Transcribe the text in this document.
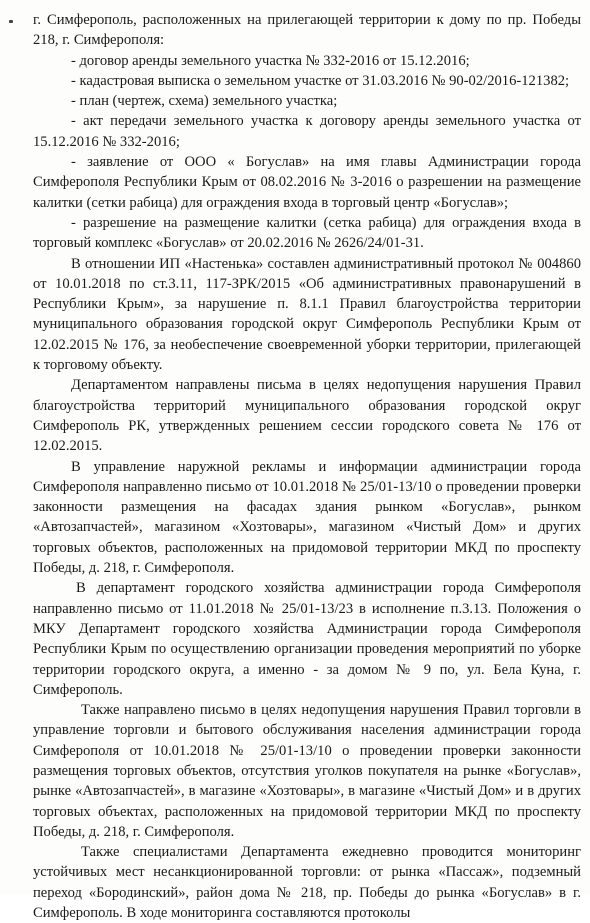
г. Симферополь, расположенных на прилегающей территории к дому по пр. Победы 218, г. Симферополя:

- договор аренды земельного участка № 332-2016 от 15.12.2016;

- кадастровая выписка о земельном участке от 31.03.2016 № 90-02/2016-121382;

- план (чертеж, схема) земельного участка;

- акт передачи земельного участка к договору аренды земельного участка от 15.12.2016 № 332-2016;

- заявление от ООО « Богуслав» на имя главы Администрации города Симферополя Республики Крым от 08.02.2016 № 3-2016 о разрешении на размещение калитки (сетки рабица) для ограждения входа в торговый центр «Богуслав»;

- разрешение на размещение калитки (сетка рабица) для ограждения входа в торговый комплекс «Богуслав» от 20.02.2016 № 2626/24/01-31.

В отношении ИП «Настенька» составлен административный протокол № 004860 от 10.01.2018 по ст.3.11, 117-ЗРК/2015 «Об административных правонарушений в Республики Крым», за нарушение п. 8.1.1 Правил благоустройства территории муниципального образования городской округ Симферополь Республики Крым от 12.02.2015 № 176, за необеспечение своевременной уборки территории, прилегающей к торговому объекту.

Департаментом направлены письма в целях недопущения нарушения Правил благоустройства территорий муниципального образования городской округ Симферополь РК, утвержденных решением сессии городского совета № 176 от 12.02.2015.

В управление наружной рекламы и информации администрации города Симферополя направленно письмо от 10.01.2018 № 25/01-13/10 о проведении проверки законности размещения на фасадах здания рынком «Богуслав», рынком «Автозапчастей», магазином «Хозтовары», магазином «Чистый Дом» и других торговых объектов, расположенных на придомовой территории МКД по проспекту Победы, д. 218, г. Симферополя.

В департамент городского хозяйства администрации города Симферополя направленно письмо от 11.01.2018 № 25/01-13/23 в исполнение п.3.13. Положения о МКУ Департамент городского хозяйства Администрации города Симферополя Республики Крым по осуществлению организации проведения мероприятий по уборке территории городского округа, а именно - за домом № 9 по, ул. Бела Куна, г. Симферополь.

Также направлено письмо в целях недопущения нарушения Правил торговли в управление торговли и бытового обслуживания населения администрации города Симферополя от 10.01.2018 № 25/01-13/10 о проведении проверки законности размещения торговых объектов, отсутствия уголков покупателя на рынке «Богуслав», рынке «Автозапчастей», в магазине «Хозтовары», в магазине «Чистый Дом» и в других торговых объектах, расположенных на придомовой территории МКД по проспекту Победы, д. 218, г. Симферополя.

Также специалистами Департамента ежедневно проводится мониторинг устойчивых мест несанкционированной торговли: от рынка «Пассаж», подземный переход «Бородинский», район дома № 218, пр. Победы до рынка «Богуслав» в г. Симферополь. В ходе мониторинга составляются протоколы
